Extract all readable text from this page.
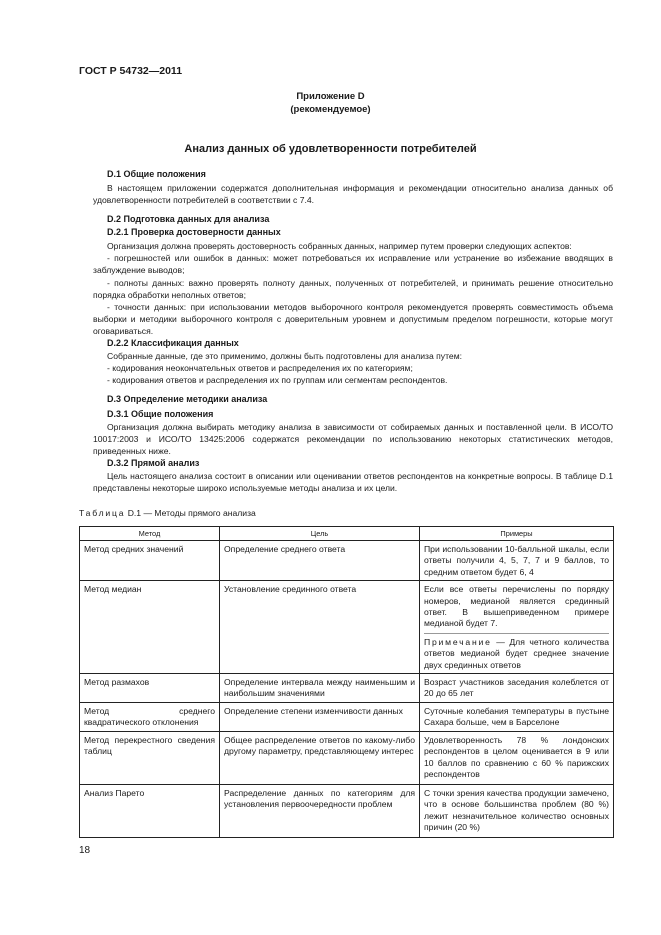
ГОСТ Р 54732—2011
Приложение D
(рекомендуемое)
Анализ данных об удовлетворенности потребителей
D.1 Общие положения
В настоящем приложении содержатся дополнительная информация и рекомендации относительно анализа данных об удовлетворенности потребителей в соответствии с 7.4.
D.2 Подготовка данных для анализа
D.2.1 Проверка достоверности данных
Организация должна проверять достоверность собранных данных, например путем проверки следующих аспектов:
- погрешностей или ошибок в данных: может потребоваться их исправление или устранение во избежание вводящих в заблуждение выводов;
- полноты данных: важно проверять полноту данных, полученных от потребителей, и принимать решение относительно порядка обработки неполных ответов;
- точности данных: при использовании методов выборочного контроля рекомендуется проверять совместимость объема выборки и методики выборочного контроля с доверительным уровнем и допустимым пределом погрешности, которые могут оговариваться.
D.2.2 Классификация данных
Собранные данные, где это применимо, должны быть подготовлены для анализа путем:
- кодирования неокончательных ответов и распределения их по категориям;
- кодирования ответов и распределения их по группам или сегментам респондентов.
D.3 Определение методики анализа
D.3.1 Общие положения
Организация должна выбирать методику анализа в зависимости от собираемых данных и поставленной цели. В ИСО/ТО 10017:2003 и ИСО/ТО 13425:2006 содержатся рекомендации по использованию некоторых статистических методов, приведенных ниже.
D.3.2 Прямой анализ
Цель настоящего анализа состоит в описании или оценивании ответов респондентов на конкретные вопросы. В таблице D.1 представлены некоторые широко используемые методы анализа и их цели.
Таблица D.1 — Методы прямого анализа
Метод	Цель	Примеры
Метод средних значений	Определение среднего ответа	При использовании 10-балльной шкалы, если ответы получили 4, 5, 7, 7 и 9 баллов, то средним ответом будет 6, 4
Метод медиан	Установление срединного ответа	Если все ответы перечислены по порядку номеров, медианой является срединный ответ. В вышеприведенном примере медианой будет 7.
Примечание — Для четного количества ответов медианой будет среднее значение двух срединных ответов

Метод размахов	Определение интервала между наименьшим и наибольшим значениями	Возраст участников заседания колеблется от 20 до 65 лет
Метод среднего квадратического отклонения	Определение степени изменчивости данных	Суточные колебания температуры в пустыне Сахара больше, чем в Барселоне
Метод перекрестного сведения таблиц	Общее распределение ответов по какому-либо другому параметру, представляющему интерес	Удовлетворенность 78 % лондонских респондентов в целом оценивается в 9 или 10 баллов по сравнению с 60 % парижских респондентов
Анализ Парето	Распределение данных по категориям для установления первоочередности проблем	С точки зрения качества продукции замечено, что в основе большинства проблем (80 %) лежит незначительное количество основных причин (20 %)
18
